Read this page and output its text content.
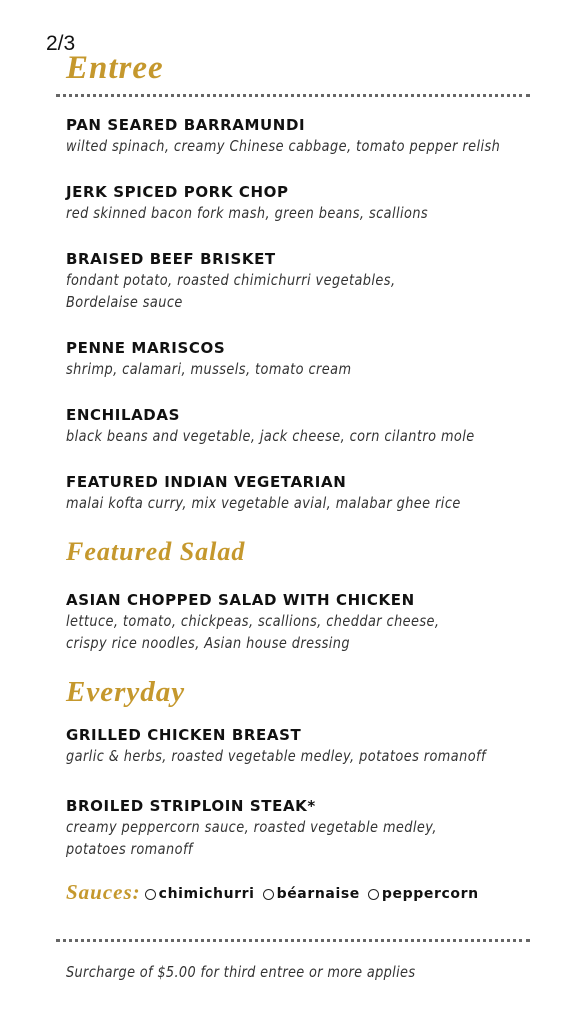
2/3
Entree
PAN SEARED BARRAMUNDI
wilted spinach, creamy Chinese cabbage, tomato pepper relish
JERK SPICED PORK CHOP
red skinned bacon fork mash, green beans, scallions
BRAISED BEEF BRISKET
fondant potato, roasted chimichurri vegetables,
Bordelaise sauce
PENNE MARISCOS
shrimp, calamari, mussels, tomato cream
ENCHILADAS
black beans and vegetable, jack cheese, corn cilantro mole
FEATURED INDIAN VEGETARIAN
malai kofta curry, mix vegetable avial, malabar ghee rice
Featured Salad
ASIAN CHOPPED SALAD WITH CHICKEN
lettuce, tomato, chickpeas, scallions, cheddar cheese,
crispy rice noodles, Asian house dressing
Everyday
GRILLED CHICKEN BREAST
garlic & herbs, roasted vegetable medley, potatoes romanoff
BROILED STRIPLOIN STEAK*
creamy peppercorn sauce, roasted vegetable medley,
potatoes romanoff
Sauces: chimichurri béarnaise peppercorn
Surcharge of $5.00 for third entree or more applies
